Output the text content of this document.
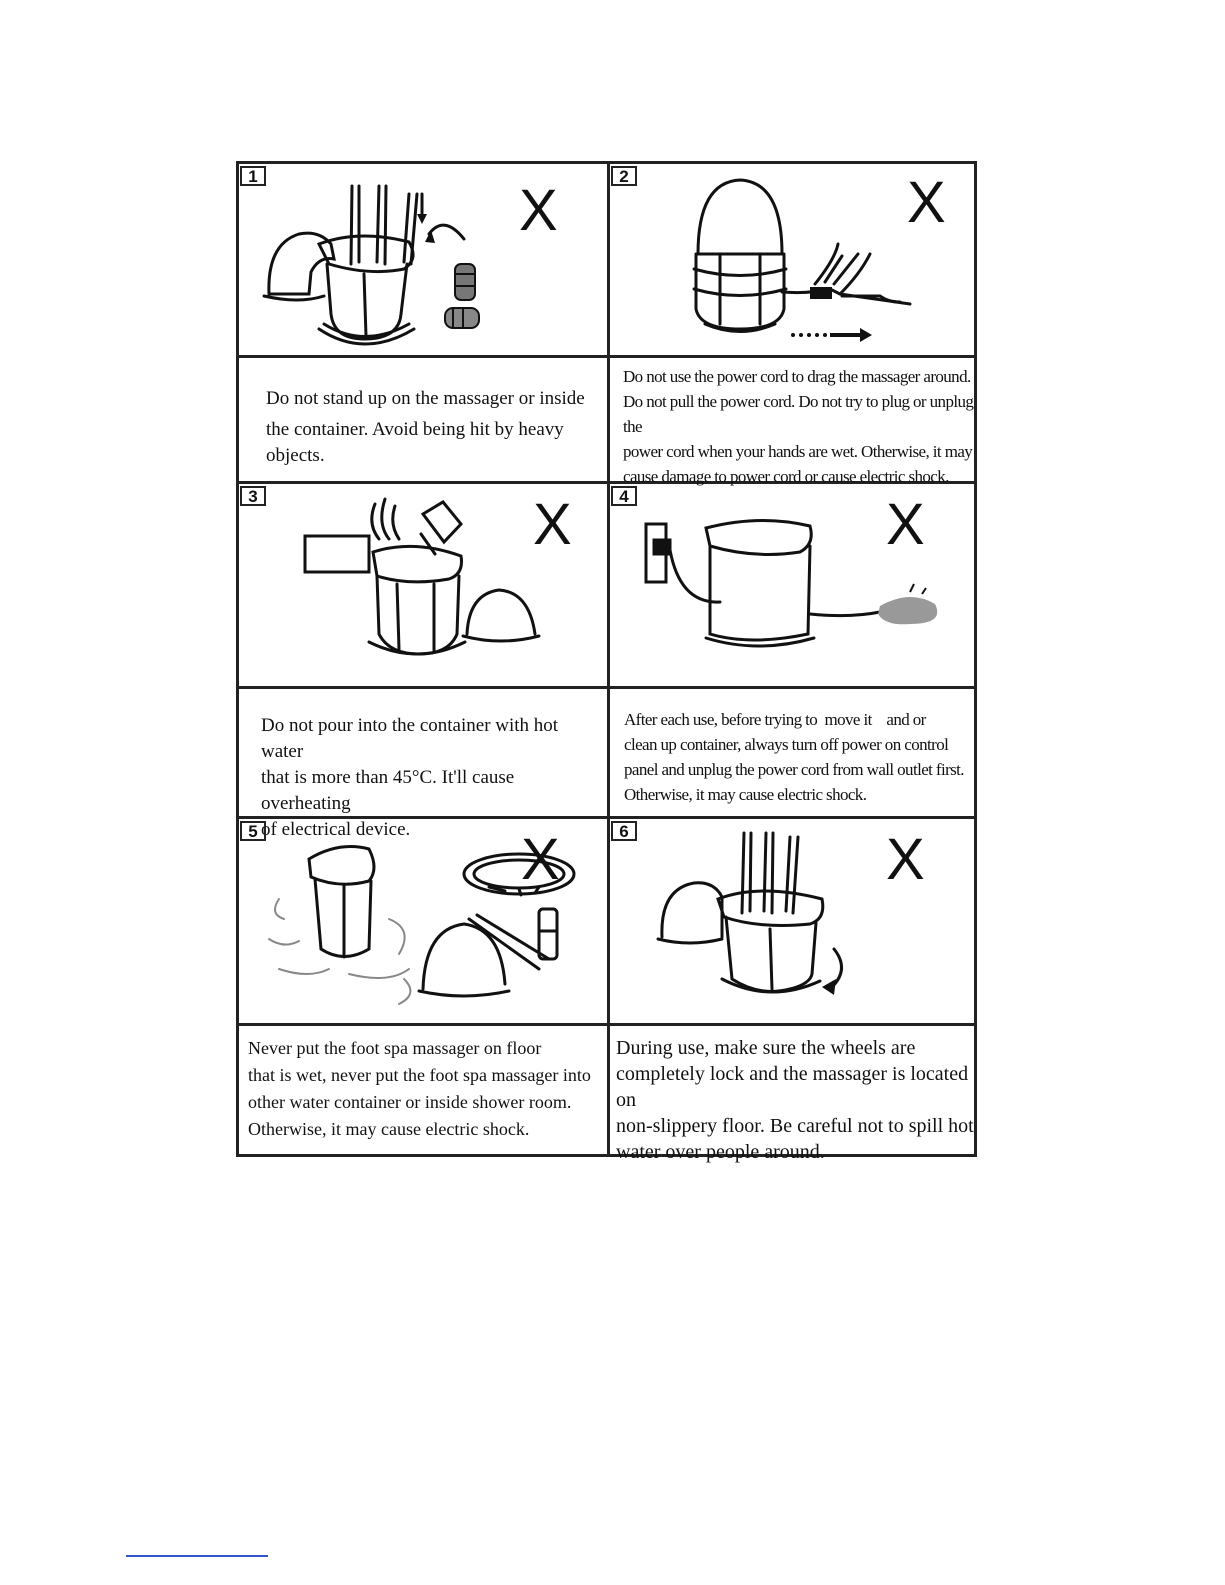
1
X
2	X
Do not stand up on the massager or inside
the container. Avoid being hit by heavy objects.
Do not use the power cord to drag the massager around.
Do not pull the power cord. Do not try to plug or unplug the
power cord when your hands are wet. Otherwise, it may
cause damage to power cord or cause electric shock.
3	X	4	X
Do not pour into the container with hot water
that is more than 45°C. It'll cause overheating
of electrical device.
After each use, before trying to  move it    and or
clean up container, always turn off power on control
panel and unplug the power cord from wall outlet first.
Otherwise, it may cause electric shock.
5	X	6	X
Never put the foot spa massager on floor
that is wet, never put the foot spa massager into
other water container or inside shower room.
Otherwise, it may cause electric shock.
During use, make sure the wheels are
completely lock and the massager is located on
non-slippery floor. Be careful not to spill hot
water over people around.
